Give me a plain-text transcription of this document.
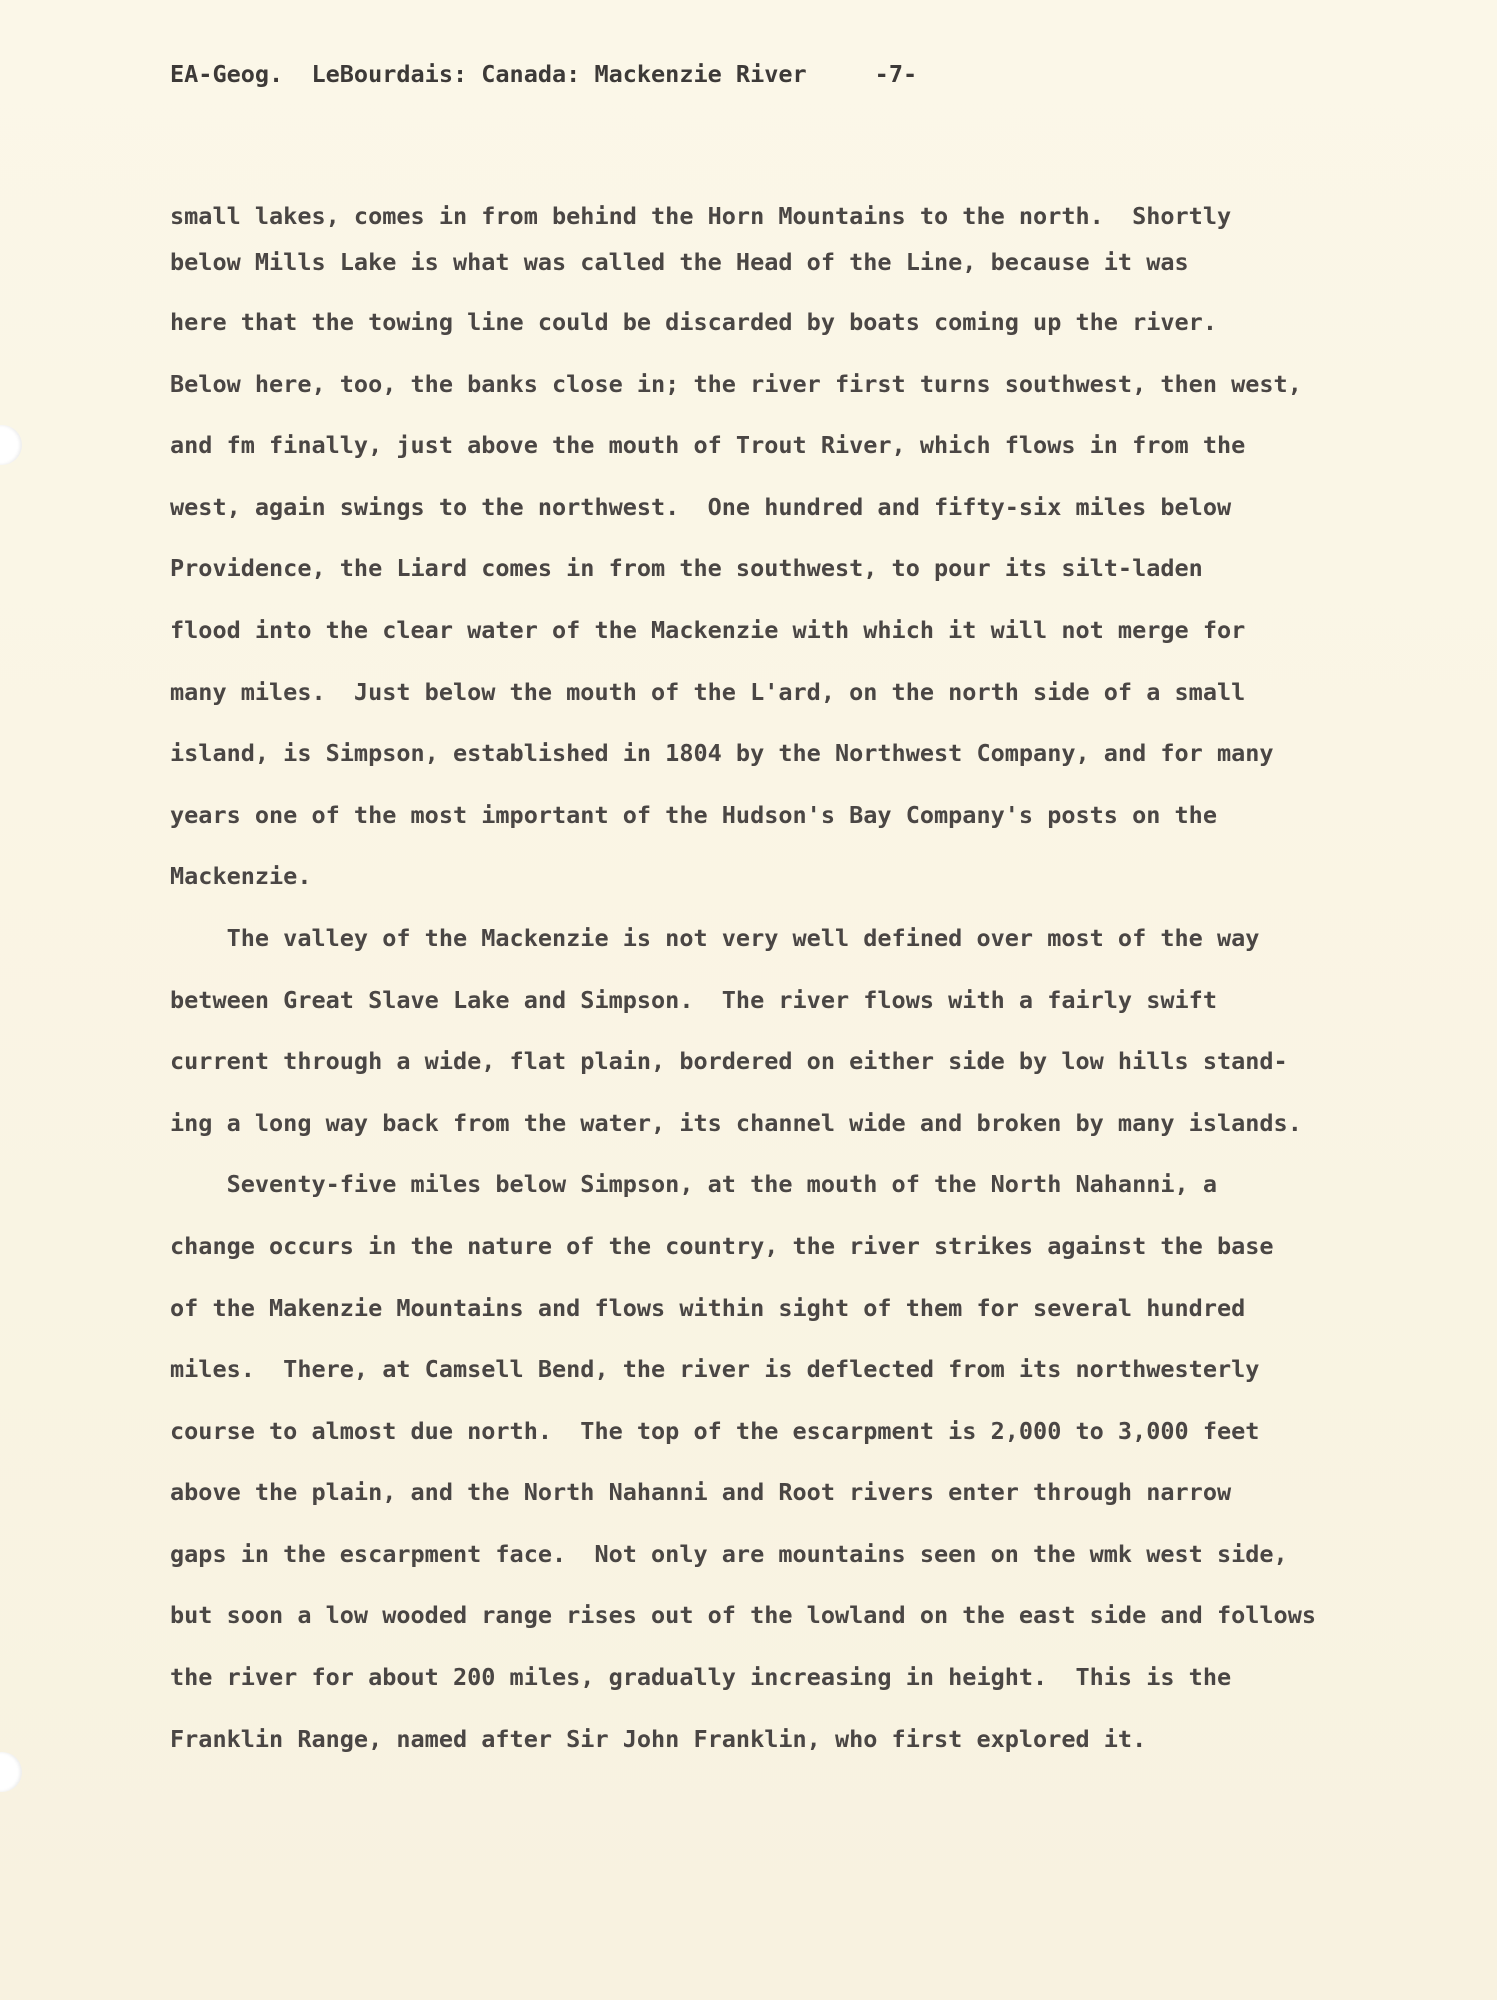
EA-Geog.  LeBourdais: Canada: Mackenzie River	-7-
small lakes, comes in from behind the Horn Mountains to the north.  Shortly
below Mills Lake is what was called the Head of the Line, because it was
here that the towing line could be discarded by boats coming up the river.
Below here, too, the banks close in; the river first turns southwest, then west,
and fm finally, just above the mouth of Trout River, which flows in from the
west, again swings to the northwest.  One hundred and fifty-six miles below
Providence, the Liard comes in from the southwest, to pour its silt-laden
flood into the clear water of the Mackenzie with which it will not merge for
many miles.  Just below the mouth of the L'ard, on the north side of a small
island, is Simpson, established in 1804 by the Northwest Company, and for many
years one of the most important of the Hudson's Bay Company's posts on the
Mackenzie.
The valley of the Mackenzie is not very well defined over most of the way
between Great Slave Lake and Simpson.  The river flows with a fairly swift
current through a wide, flat plain, bordered on either side by low hills stand-
ing a long way back from the water, its channel wide and broken by many islands.
Seventy-five miles below Simpson, at the mouth of the North Nahanni, a
change occurs in the nature of the country, the river strikes against the base
of the Makenzie Mountains and flows within sight of them for several hundred
miles.  There, at Camsell Bend, the river is deflected from its northwesterly
course to almost due north.  The top of the escarpment is 2,000 to 3,000 feet
above the plain, and the North Nahanni and Root rivers enter through narrow
gaps in the escarpment face.  Not only are mountains seen on the wmk west side,
but soon a low wooded range rises out of the lowland on the east side and follows
the river for about 200 miles, gradually increasing in height.  This is the
Franklin Range, named after Sir John Franklin, who first explored it.
